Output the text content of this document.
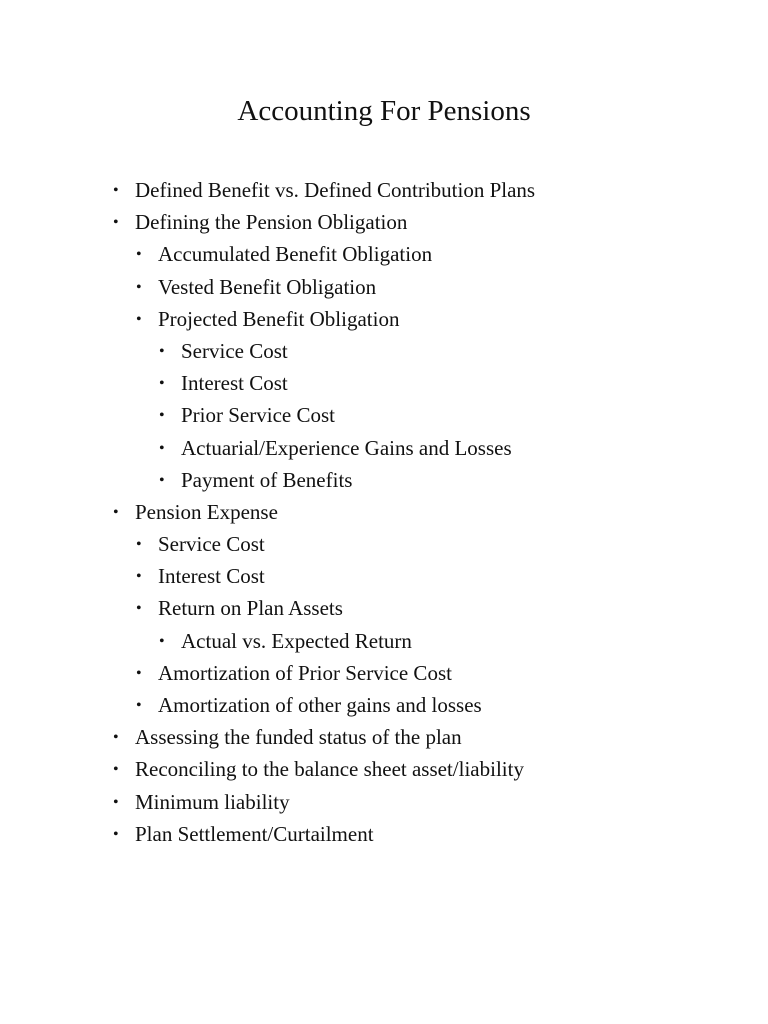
Accounting For Pensions
• Defined Benefit vs. Defined Contribution Plans
• Defining the Pension Obligation
• Accumulated Benefit Obligation
• Vested Benefit Obligation
• Projected Benefit Obligation
• Service Cost
• Interest Cost
• Prior Service Cost
• Actuarial/Experience Gains and Losses
• Payment of Benefits
• Pension Expense
• Service Cost
• Interest Cost
• Return on Plan Assets
• Actual vs. Expected Return
• Amortization of Prior Service Cost
• Amortization of other gains and losses
• Assessing the funded status of the plan
• Reconciling to the balance sheet asset/liability
• Minimum liability
• Plan Settlement/Curtailment
